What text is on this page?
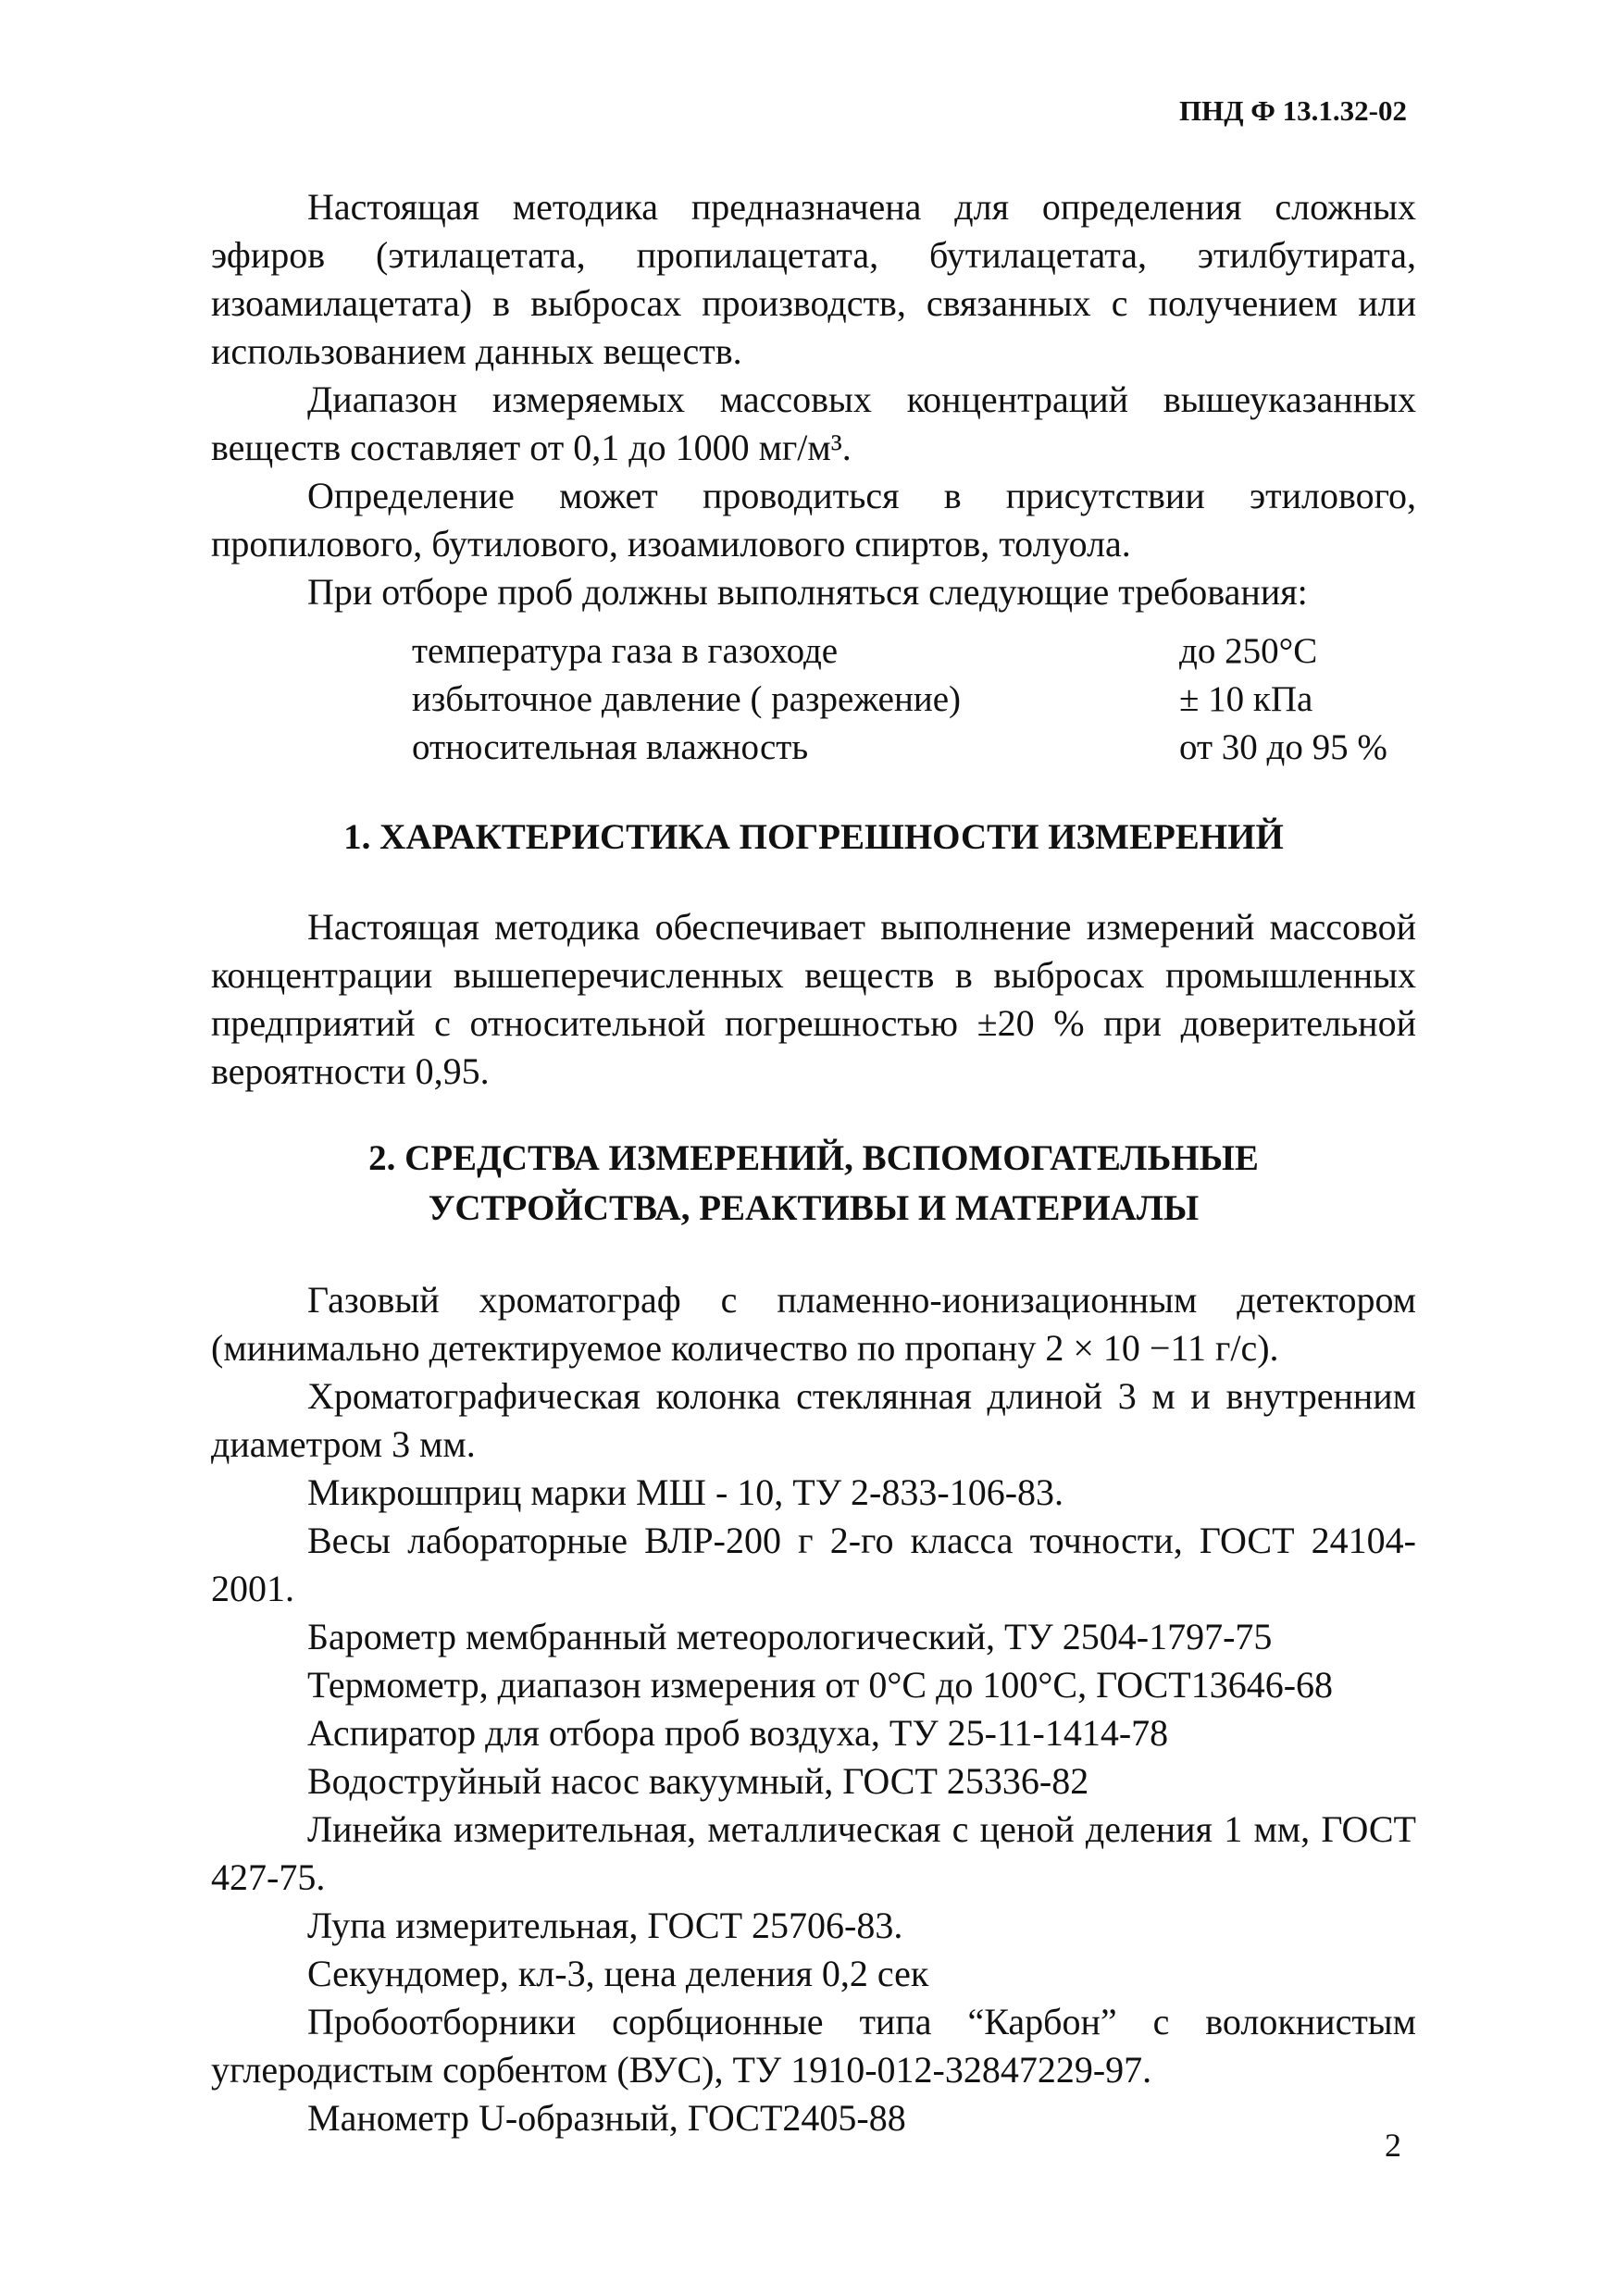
ПНД Ф 13.1.32-02

Настоящая методика предназначена для определения сложных эфиров (этилацетата, пропилацетата, бутилацетата, этилбутирата, изоамилацетата) в выбросах производств, связанных с получением или использованием данных веществ.

Диапазон измеряемых массовых концентраций вышеуказанных веществ составляет от 0,1 до 1000 мг/м³.

Определение может проводиться в присутствии этилового, пропилового, бутилового, изоамилового спиртов, толуола.

При отборе проб должны выполняться следующие требования:

температура газа в газоходе	до 250°С
избыточное давление ( разрежение)	± 10 кПа
относительная влажность	от 30 до 95 %
1. ХАРАКТЕРИСТИКА ПОГРЕШНОСТИ ИЗМЕРЕНИЙ

Настоящая методика обеспечивает выполнение измерений массовой концентрации вышеперечисленных веществ в выбросах промышленных предприятий с относительной погрешностью ±20 % при доверительной вероятности 0,95.

2. СРЕДСТВА ИЗМЕРЕНИЙ, ВСПОМОГАТЕЛЬНЫЕ
УСТРОЙСТВА, РЕАКТИВЫ И МАТЕРИАЛЫ

Газовый хроматограф с пламенно-ионизационным детектором (минимально детектируемое количество по пропану 2 × 10 −11 г/с).

Хроматографическая колонка стеклянная длиной 3 м и внутренним диаметром 3 мм.

Микрошприц марки МШ - 10, ТУ 2-833-106-83.

Весы лабораторные ВЛР-200 г 2-го класса точности, ГОСТ 24104-2001.

Барометр мембранный метеорологический, ТУ 2504-1797-75

Термометр, диапазон измерения от 0°С до 100°С, ГОСТ13646-68

Аспиратор для отбора проб воздуха, ТУ 25-11-1414-78

Водоструйный насос вакуумный, ГОСТ 25336-82

Линейка измерительная, металлическая с ценой деления 1 мм, ГОСТ 427-75.

Лупа измерительная, ГОСТ 25706-83.

Секундомер, кл-3, цена деления 0,2 сек

Пробоотборники сорбционные типа “Карбон” с волокнистым углеродистым сорбентом (ВУС), ТУ 1910-012-32847229-97.

Манометр U-образный, ГОСТ2405-88

2
